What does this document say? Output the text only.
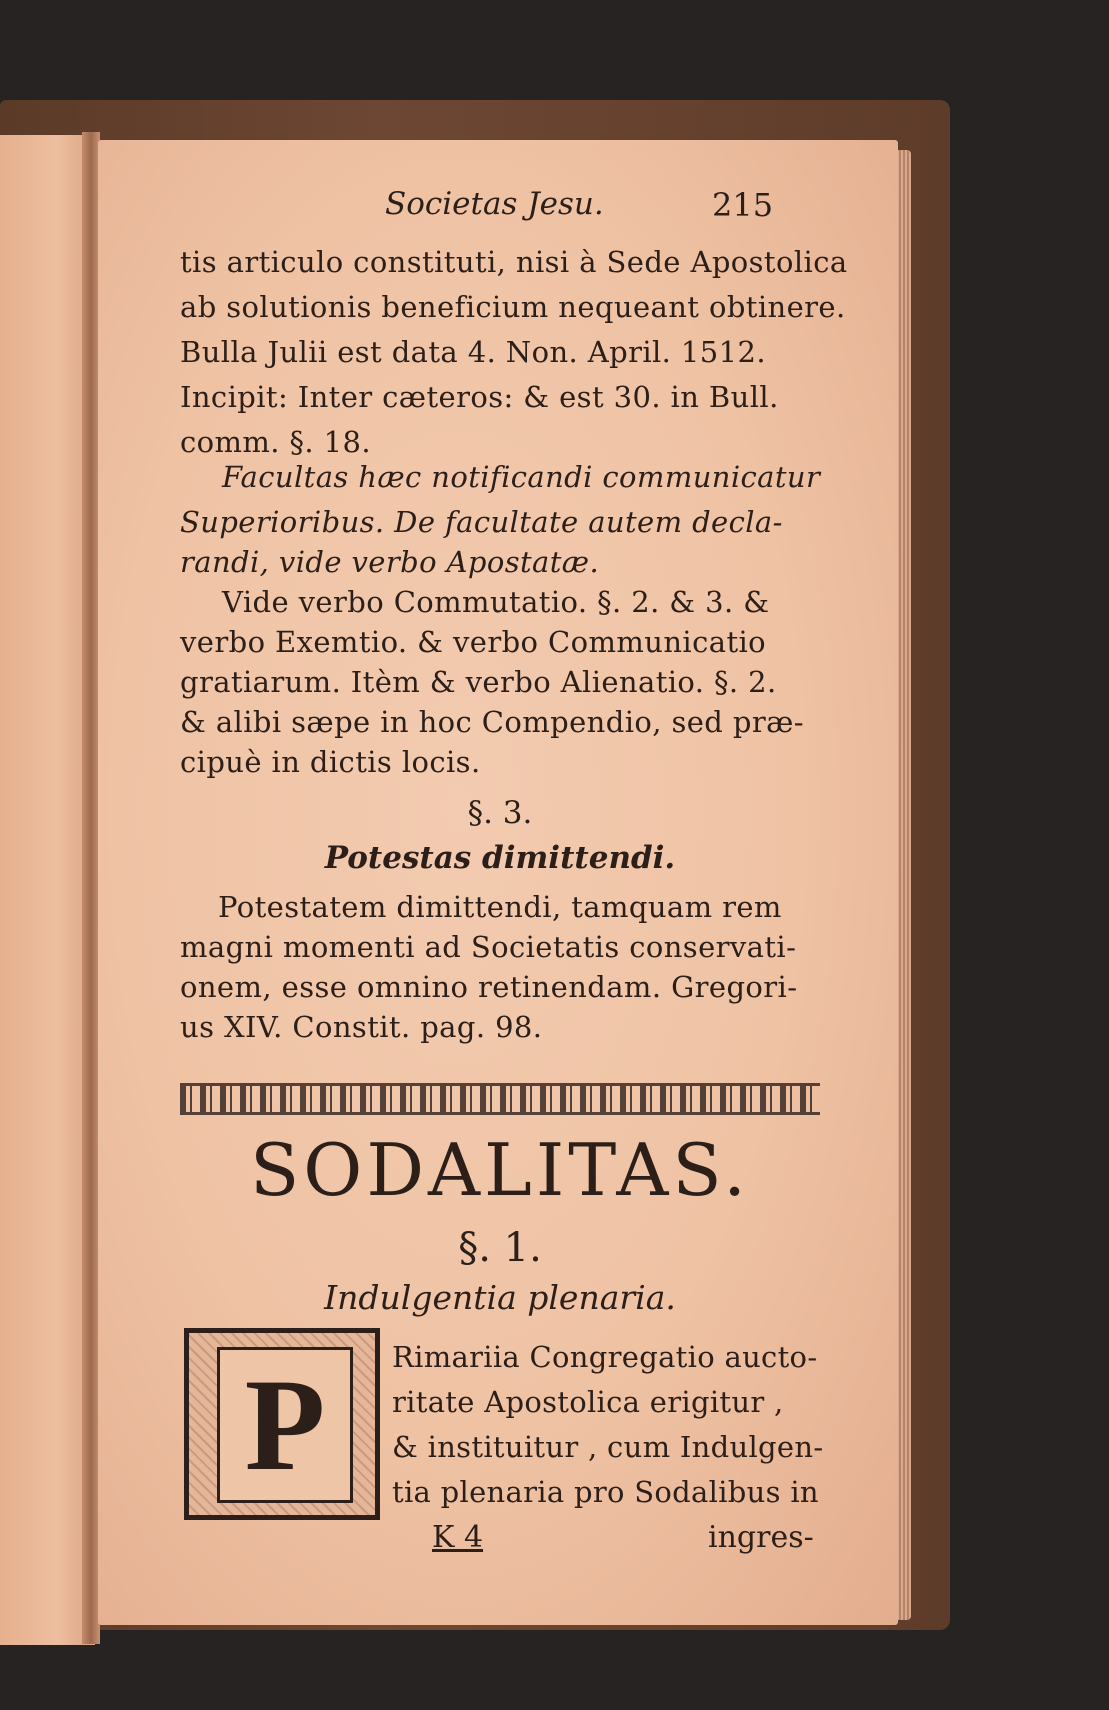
Societas Jesu.	215
tis articulo constituti, nisi à Sede Apostolica
ab solutionis beneficium nequeant obtinere.
Bulla Julii est data 4. Non. April. 1512.
Incipit: Inter cæteros: & est 30. in Bull.
comm. §. 18.
Facultas hæc notificandi communicatur
Superioribus. De facultate autem decla-
randi, vide verbo Apostatæ.
Vide verbo Commutatio. §. 2. & 3. &
verbo Exemtio. & verbo Communicatio
gratiarum. Itèm & verbo Alienatio. §. 2.
& alibi sæpe in hoc Compendio, sed præ-
cipuè in dictis locis.
§. 3.
Potestas dimittendi.
Potestatem dimittendi, tamquam rem
magni momenti ad Societatis conservati-
onem, esse omnino retinendam. Gregori-
us XIV. Constit. pag. 98.
SODALITAS.
§. 1.
Indulgentia plenaria.
P	Rimariia Congregatio aucto-
ritate Apostolica erigitur ,
& instituitur , cum Indulgen-
tia plenaria pro Sodalibus in
K 4	ingres-
